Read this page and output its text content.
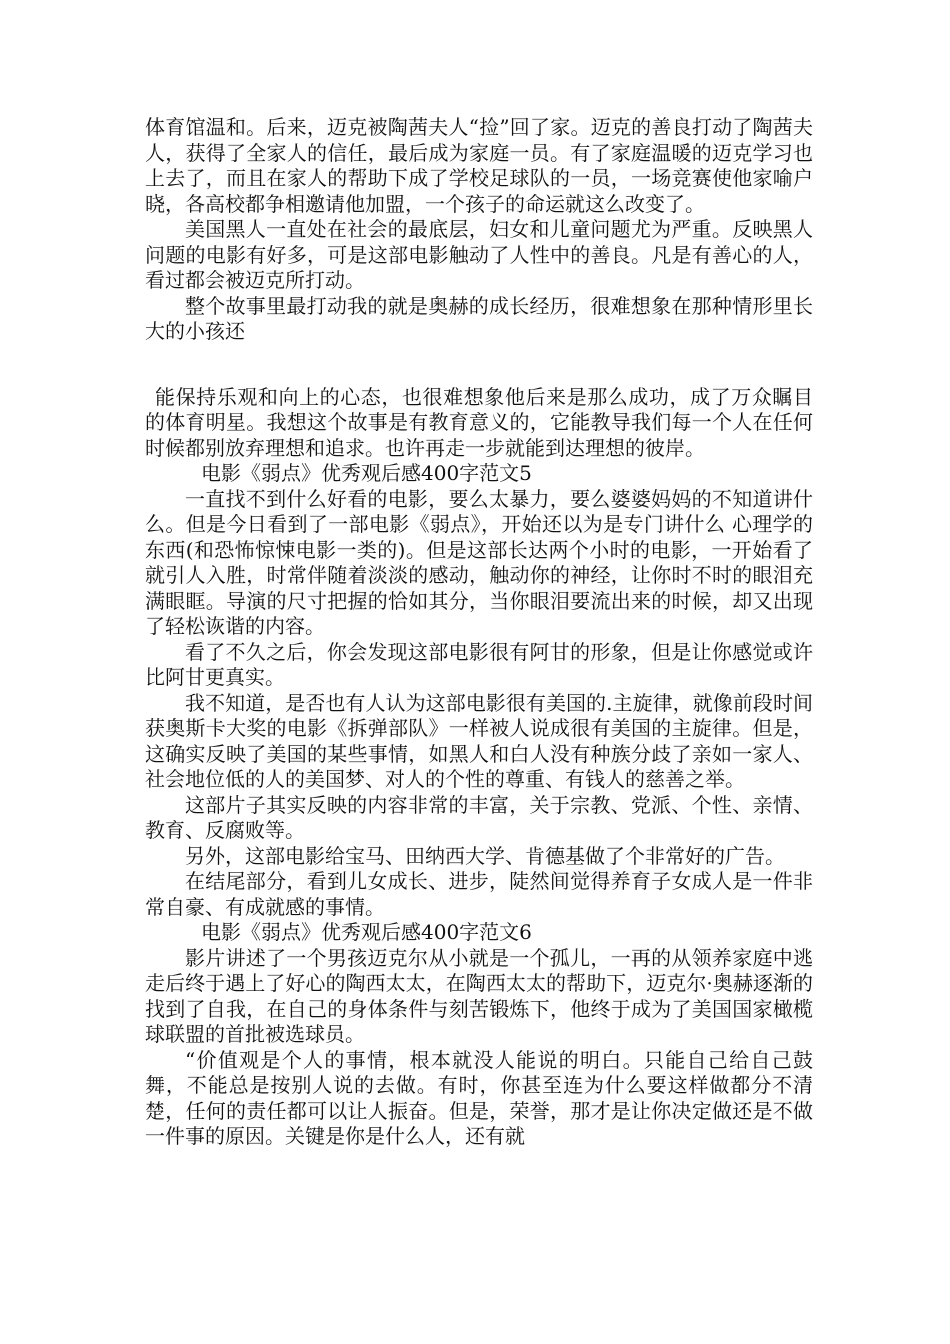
体育馆温和。后来，迈克被陶茜夫人“捡”回了家。迈克的善良打动了陶茜夫人，获得了全家人的信任，最后成为家庭一员。有了家庭温暖的迈克学习也上去了，而且在家人的帮助下成了学校足球队的一员，一场竞赛使他家喻户晓，各高校都争相邀请他加盟，一个孩子的命运就这么改变了。

美国黑人一直处在社会的最底层，妇女和儿童问题尤为严重。反映黑人问题的电影有好多，可是这部电影触动了人性中的善良。凡是有善心的人，看过都会被迈克所打动。

整个故事里最打动我的就是奥赫的成长经历，很难想象在那种情形里长大的小孩还

能保持乐观和向上的心态，也很难想象他后来是那么成功，成了万众瞩目的体育明星。我想这个故事是有教育意义的，它能教导我们每一个人在任何时候都别放弃理想和追求。也许再走一步就能到达理想的彼岸。

电影《弱点》优秀观后感400字范文5

一直找不到什么好看的电影，要么太暴力，要么婆婆妈妈的不知道讲什么。但是今日看到了一部电影《弱点》，开始还以为是专门讲什么 心理学的东西(和恐怖惊悚电影一类的)。但是这部长达两个小时的电影，一开始看了就引人入胜，时常伴随着淡淡的感动，触动你的神经，让你时不时的眼泪充满眼眶。导演的尺寸把握的恰如其分，当你眼泪要流出来的时候，却又出现了轻松诙谐的内容。

看了不久之后，你会发现这部电影很有阿甘的形象，但是让你感觉或许比阿甘更真实。

我不知道，是否也有人认为这部电影很有美国的.主旋律，就像前段时间获奥斯卡大奖的电影《拆弹部队》一样被人说成很有美国的主旋律。但是，这确实反映了美国的某些事情，如黑人和白人没有种族分歧了亲如一家人、社会地位低的人的美国梦、对人的个性的尊重、有钱人的慈善之举。

这部片子其实反映的内容非常的丰富，关于宗教、党派、个性、亲情、教育、反腐败等。

另外，这部电影给宝马、田纳西大学、肯德基做了个非常好的广告。

在结尾部分，看到儿女成长、进步，陡然间觉得养育子女成人是一件非常自豪、有成就感的事情。

电影《弱点》优秀观后感400字范文6

影片讲述了一个男孩迈克尔从小就是一个孤儿，一再的从领养家庭中逃走后终于遇上了好心的陶西太太，在陶西太太的帮助下，迈克尔·奥赫逐渐的找到了自我，在自己的身体条件与刻苦锻炼下，他终于成为了美国国家橄榄球联盟的首批被选球员。

“价值观是个人的事情，根本就没人能说的明白。只能自己给自己鼓舞，不能总是按别人说的去做。有时，你甚至连为什么要这样做都分不清楚，任何的责任都可以让人振奋。但是，荣誉，那才是让你决定做还是不做一件事的原因。关键是你是什么人，还有就
